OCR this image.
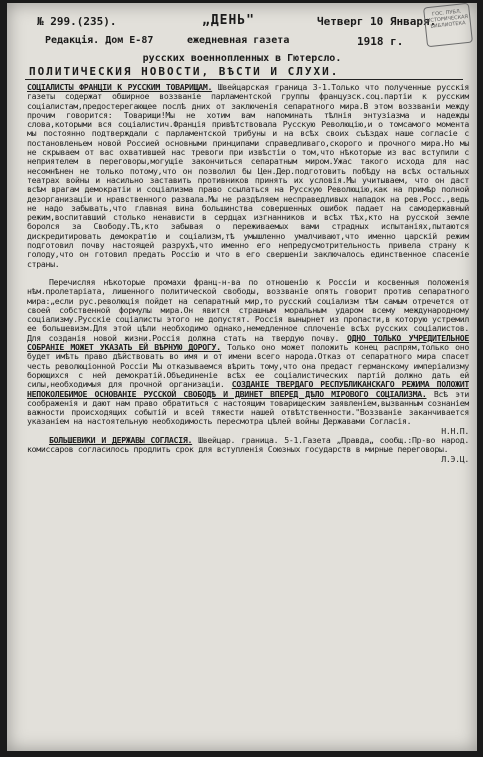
№ 299.(235).	„ДЕНЬ"	Четверг 10 Января.
Редакція. Дом Е-87	ежедневная газета	1918 г.
ГОС. ПУБЛ. ИСТОРИЧЕСКАЯ БИБЛИОТЕКА
русских военнопленных в Гютерсло.
ПОЛИТИЧЕСКИЯ НОВОСТИ, ВѢСТИ И СЛУХИ.

СОЦІАЛИСТЫ ФРАНЦІИ К РУССКИМ ТОВАРИЩАМ. Швейцарская граница 3-1.Только что полученные русскія газеты содержат обширное воззваніе парламентской группы французск.соц.партіи к русским соціалистам,предостерегающее послѣ дних от заключенія сепаратного мира.В этом воззваніи между прочим говорится: Товарищи!Мы не хотим вам напоминать тѣлнія энтузіазма и надежды слова,которыми вся соціалистич.Франція привѣтствовала Русскую Революцію,и о томсамого момента мы постоянно подтверждали с парламентской трибуны и на всѣх своих съѣздах наше согласіе с постановленьем новой Россией основными принципами справедливаго,скорого и прочного мира.Но мы не скрываем от вас охватившей нас тревоги при извѣстіи о том,что нѣкоторые из вас вступили с неприятелем в переговоры,могущіе закончиться сепаратным миром.Ужас такого исхода для нас несомнѣнен не только потому,что он позволил бы Цен.Дер.подготовить побѣду на всѣх остальных театрах войны и насильно заставить противников принять их условія.Мы учитываем, что он даст всѣм врагам демократіи и соціализма право ссылаться на Русскую Революцію,как на примѣр полной дезорганизаціи и нравственного развала.Мы не раздѣляем несправедливых нападок на рев.Росс.,ведь не надо забывать,что главная вина большинства совершенных ошибок падает на самодержавный режим,воспитавший столько ненависти в сердцах изгнанников и всѣх тѣх,кто на русской земле боролся за Свободу.Тѣ,кто забывая о переживаемых вами страдных испытаніях,пытаются дискредитировать демократію и соціализм,тѣ умышленно умалчивают,что именно царскій режим подготовил почву настоящей разрухѣ,что именно его непредусмотрительность привела страну к голоду,что он готовил предать Россію и что в его свершеніи заключалось единственное спасеніе страны.

Перечисляя нѣкоторые промахи франц-н-ва по отношенію к Россіи и косвенныя положенія нѣм.пролетаріата, лишенного политической свободы, воззваніе опять говорит против сепаратного мира:„если рус.революція пойдет на сепаратный мир,то русский соціализм тѣм самым отречется от своей собственной формулы мира.Он явится страшным моральным ударом всему международному соціализму.Русскіе соціалисты этого не допустят. Россія вынырнет из пропасти,в которую устремил ее большевизм.Для этой цѣли необходимо однако,немедленное сплоченіе всѣх русских соціалистов. Для созданія новой жизни.Россія должна стать на твердую почву. ОДНО ТОЛЬКО УЧРЕДИТЕЛЬНОЕ СОБРАНІЕ МОЖЕТ УКАЗАТЬ ЕЙ ВѢРНУЮ ДОРОГУ. Только оно может положить конец распрям,только оно будет имѣть право дѣйствовать во имя и от имени всего народа.Отказ от сепаратного мира спасет честь революціонной Россіи Мы отказываемся вѣрить тому,что она предаст германскому имперіализму борющихся с ней демократій.Объединеніе всѣх ее соціалистических партій должно дать ей силы,необходимыя для прочной организаціи. СОЗДАНІЕ ТВЕРДАГО РЕСПУБЛИКАНСКАГО РЕЖИМА ПОЛОЖИТ НЕПОКОЛЕБИМОЕ ОСНОВАНІЕ РУССКОЙ СВОБОДѢ И ДВИНЕТ ВПЕРЕД ДѢЛО МІРОВОГО СОЦІАЛИЗМА. Всѣ эти соображенія и дают нам право обратиться с настоящим товарищеским заявленіем,вызванным сознаніем важности происходящих событій и всей тяжести нашей отвѣтственности."Воззваніе заканчивается указаніем на настоятельную необходимость пересмотра цѣлей войны Державами Согласія.
Н.Н.П.

БОЛЬШЕВИКИ И ДЕРЖАВЫ СОГЛАСІЯ. Швейцар. граница. 5-1.Газета „Правда„ сообщ.:Пр-во народ. комиссаров согласилось продлить срок для вступленія Союзных государств в мирные переговоры.
Л.Э.Ц.
